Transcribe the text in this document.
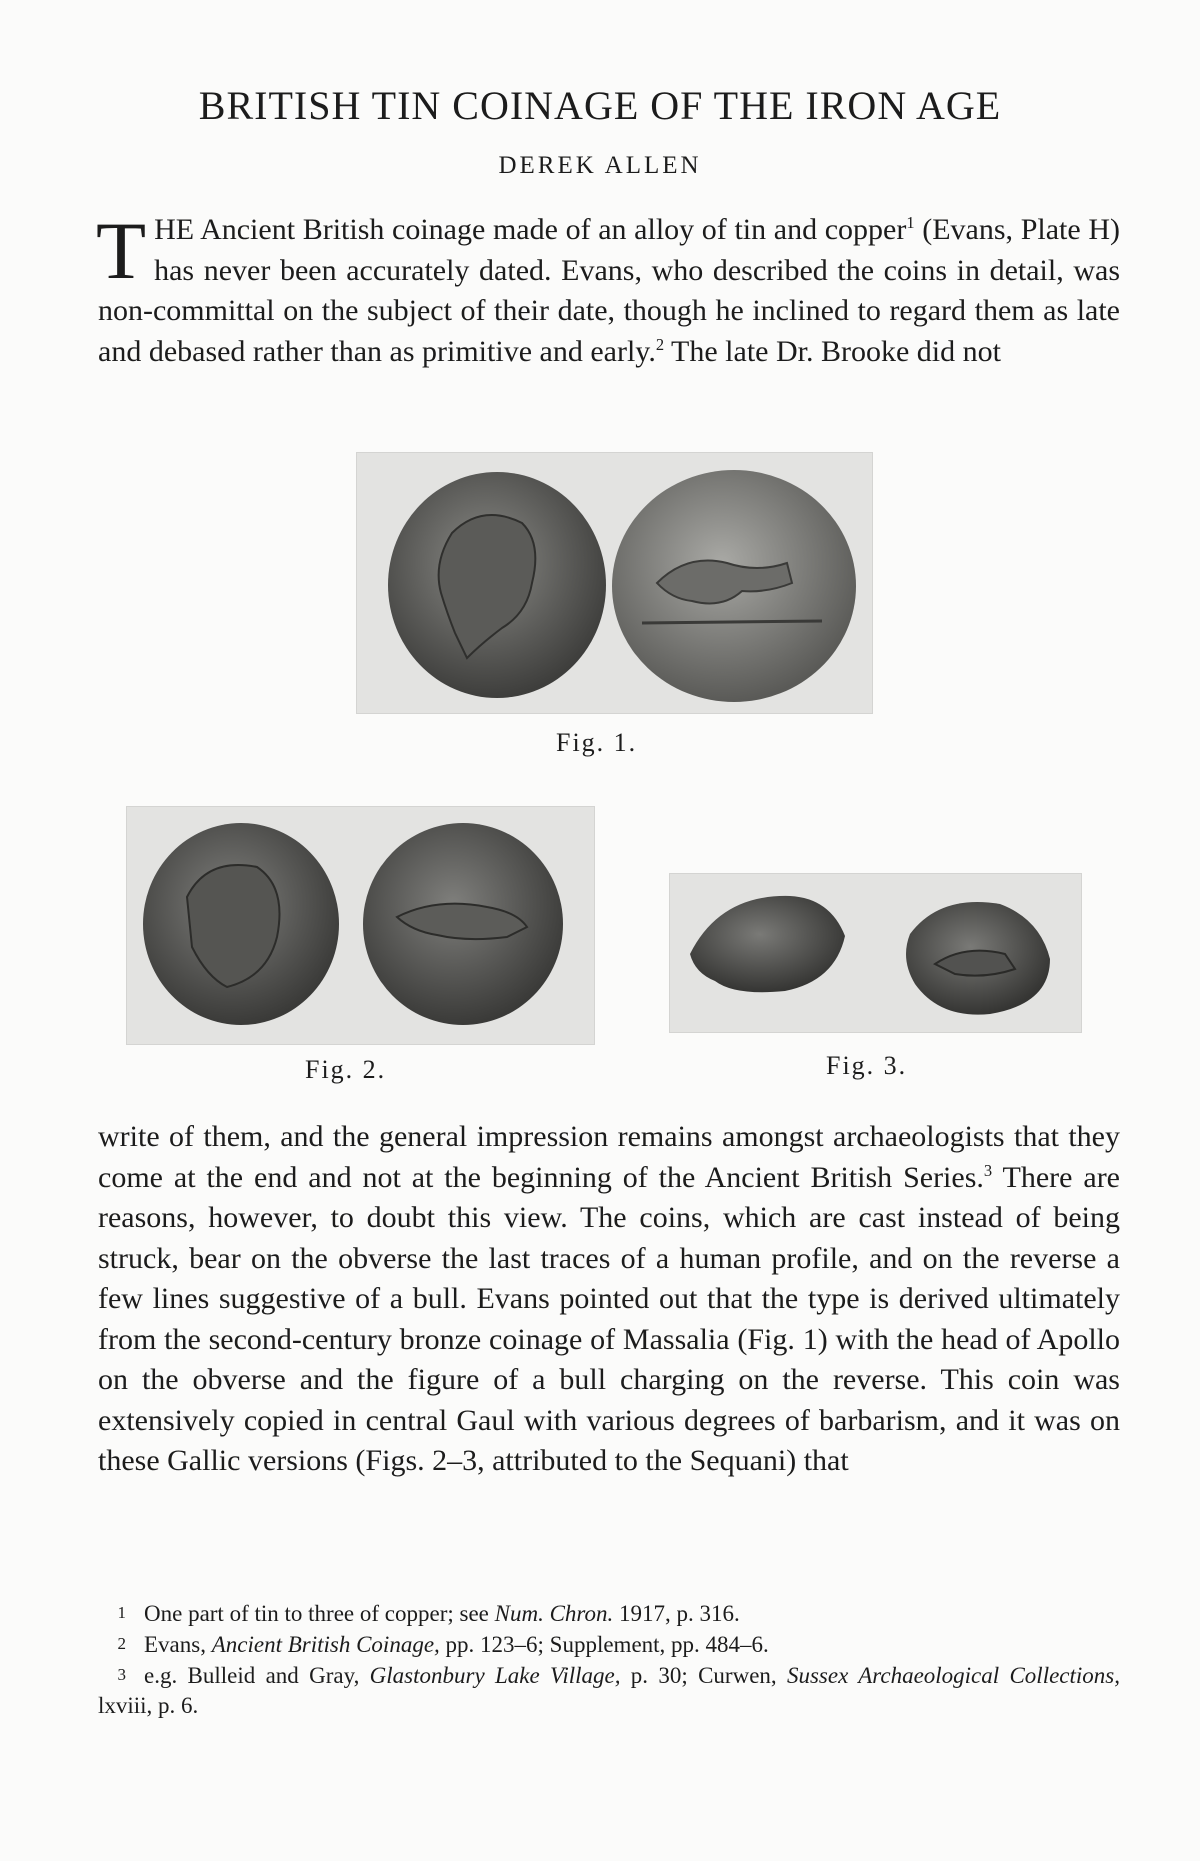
BRITISH TIN COINAGE OF THE IRON AGE
DEREK ALLEN

THE Ancient British coinage made of an alloy of tin and copper$^1$ (Evans, Plate H) has never been accurately dated. Evans, who described the coins in detail, was non-committal on the subject of their date, though he inclined to regard them as late and debased rather than as primitive and early.$^2$ The late Dr. Brooke did not

Fig. 1.

Fig. 2.	Fig. 3.

write of them, and the general impression remains amongst archaeologists that they come at the end and not at the beginning of the Ancient British Series.$^3$ There are reasons, however, to doubt this view. The coins, which are cast instead of being struck, bear on the obverse the last traces of a human profile, and on the reverse a few lines suggestive of a bull. Evans pointed out that the type is derived ultimately from the second-century bronze coinage of Massalia (Fig. 1) with the head of Apollo on the obverse and the figure of a bull charging on the reverse. This coin was extensively copied in central Gaul with various degrees of barbarism, and it was on these Gallic versions (Figs. 2–3, attributed to the Sequani) that

1 One part of tin to three of copper; see Num. Chron. 1917, p. 316.

2 Evans, Ancient British Coinage, pp. 123–6; Supplement, pp. 484–6.

3 e.g. Bulleid and Gray, Glastonbury Lake Village, p. 30; Curwen, Sussex Archaeological Collections, lxviii, p. 6.
